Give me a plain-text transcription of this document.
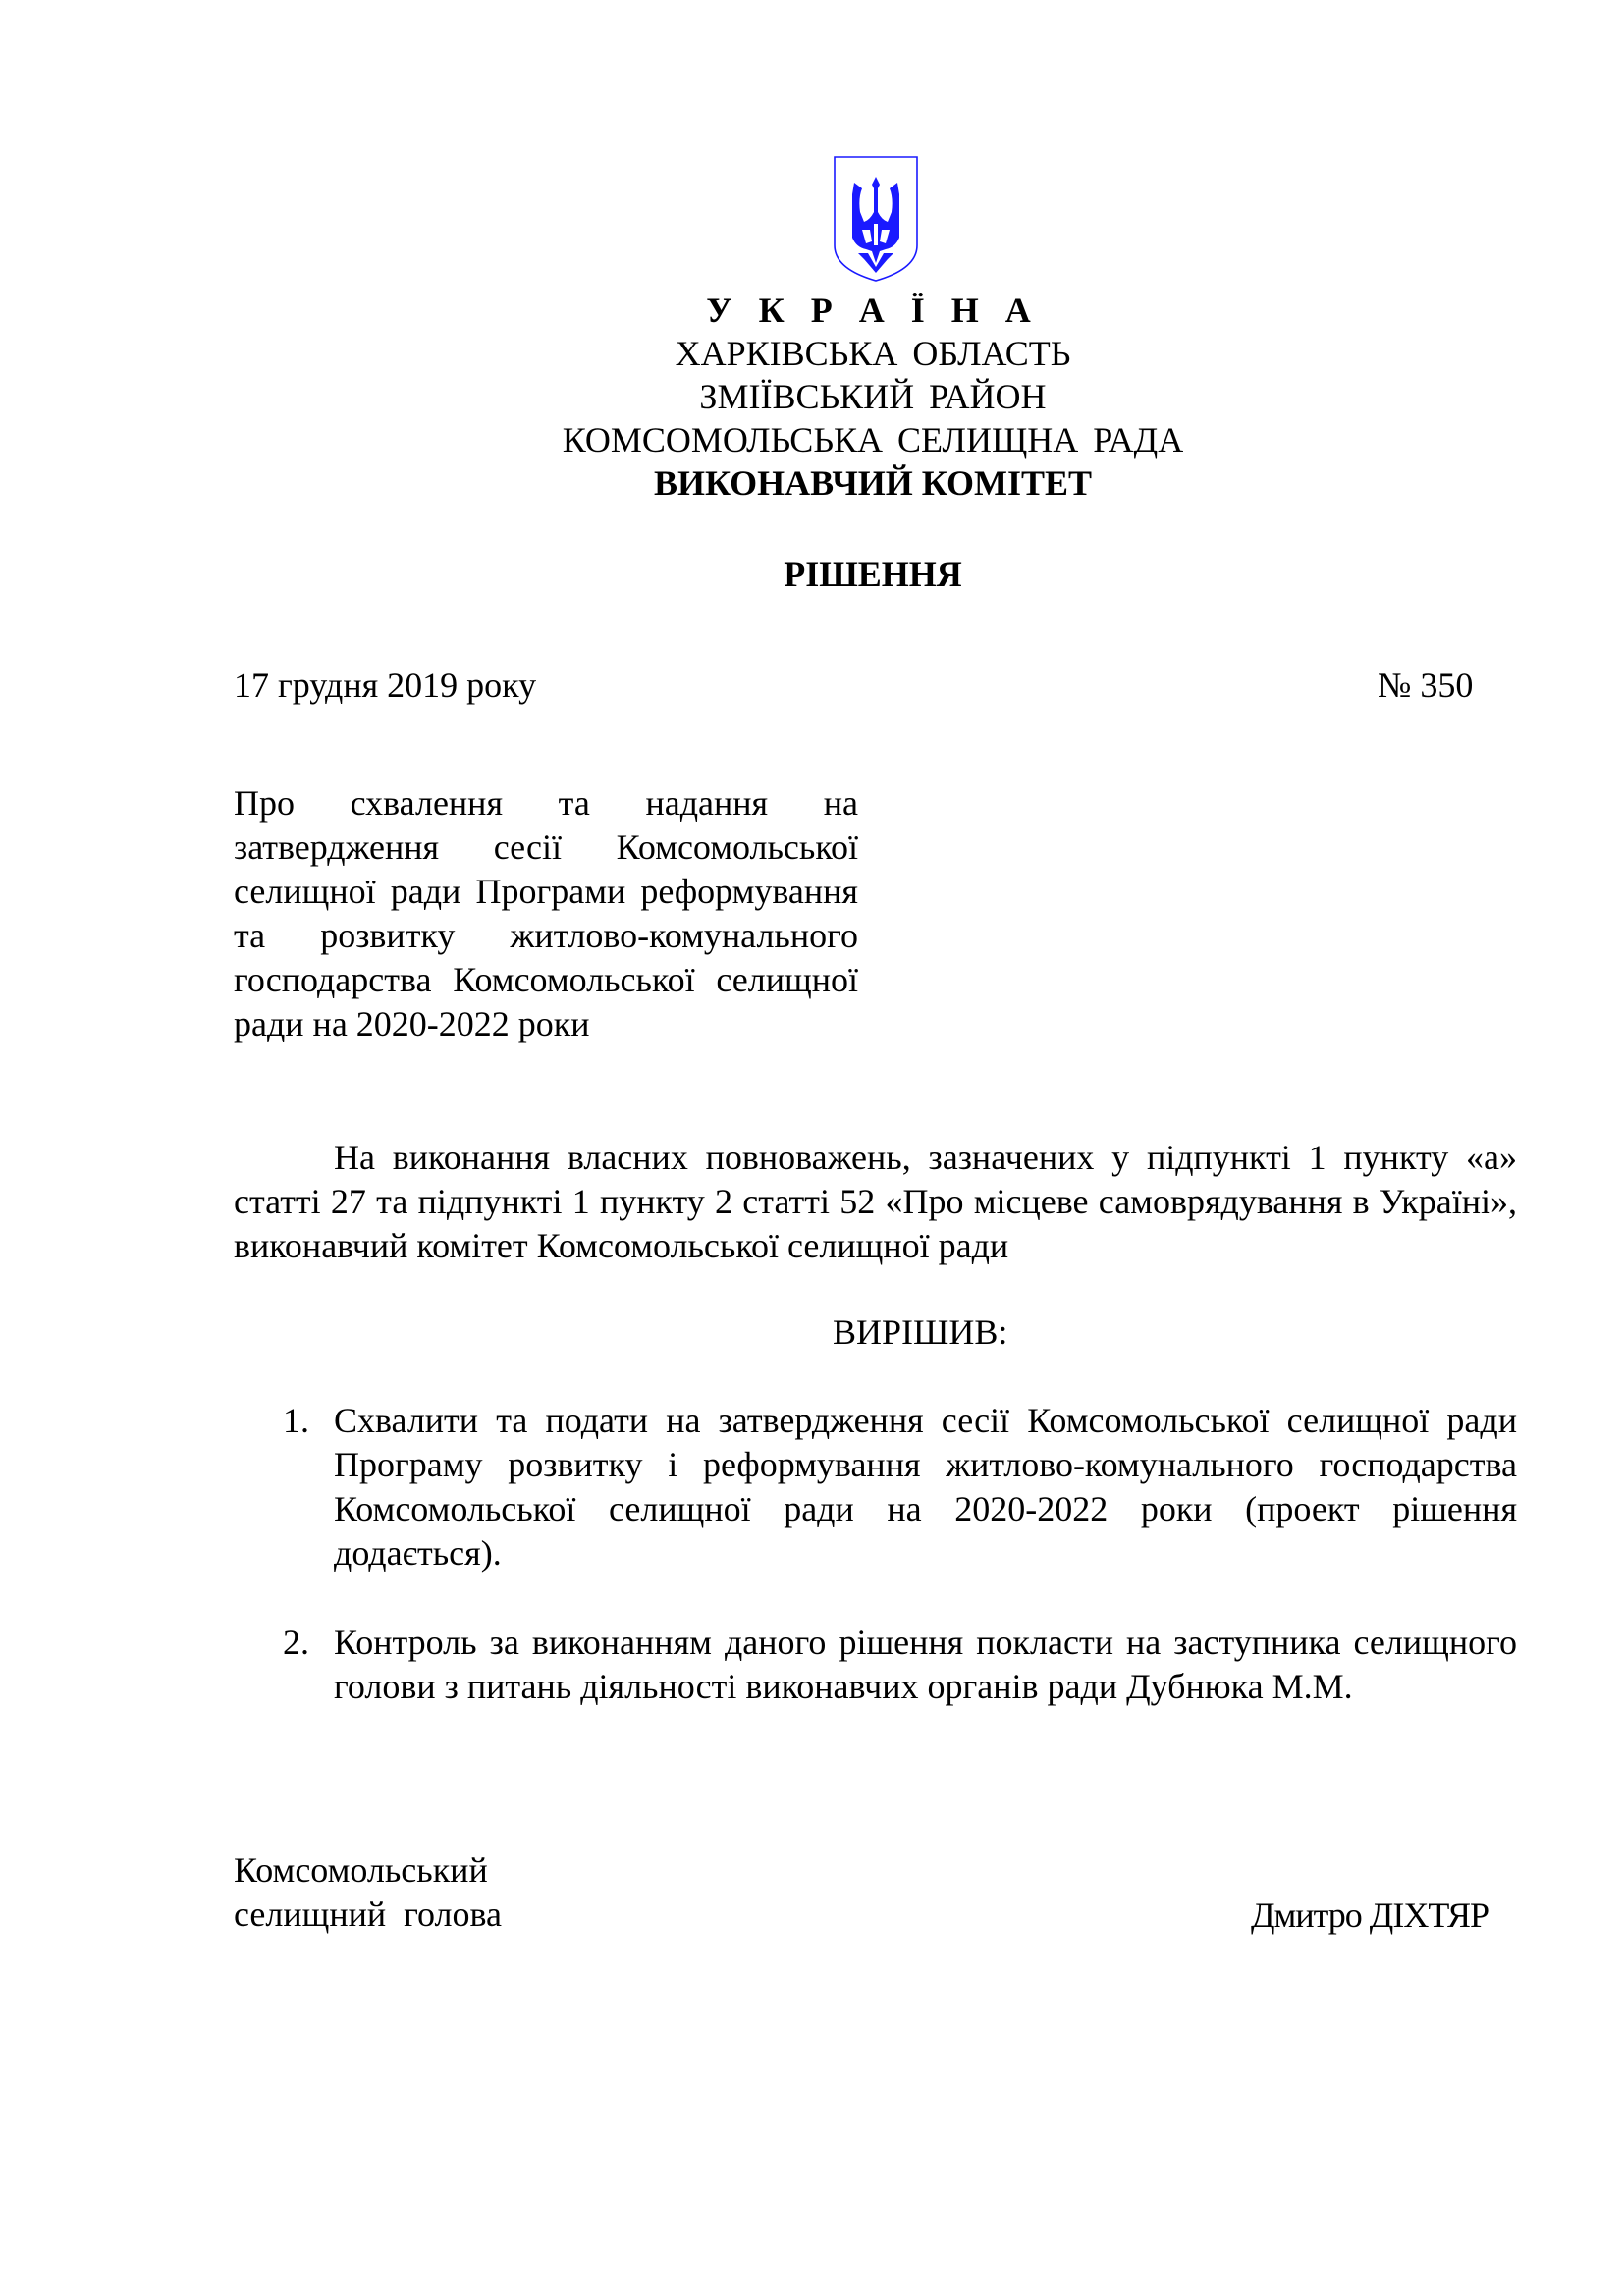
У К Р А Ї Н А
ХАРКІВСЬКА ОБЛАСТЬ
ЗМІЇВСЬКИЙ РАЙОН
КОМСОМОЛЬСЬКА СЕЛИЩНА РАДА
ВИКОНАВЧИЙ КОМІТЕТ
РІШЕННЯ
17 грудня 2019 року	№ 350
Про схвалення та надання на затвердження сесії Комсомольської селищної ради Програми реформування та розвитку житлово-комунального господарства Комсомольської селищної ради на 2020-2022 роки
На виконання власних повноважень, зазначених у підпункті 1 пункту «а» статті 27 та підпункті 1 пункту 2 статті 52 «Про місцеве самоврядування в Україні», виконавчий комітет Комсомольської селищної ради
ВИРІШИВ:
1. Схвалити та подати на затвердження сесії Комсомольської селищної ради Програму розвитку і реформування житлово-комунального господарства Комсомольської селищної ради на 2020-2022 роки (проект рішення додається).
2. Контроль за виконанням даного рішення покласти на заступника селищного голови з питань діяльності виконавчих органів ради Дубнюка М.М.
Комсомольський
селищний  голова	Дмитро ДІХТЯР
